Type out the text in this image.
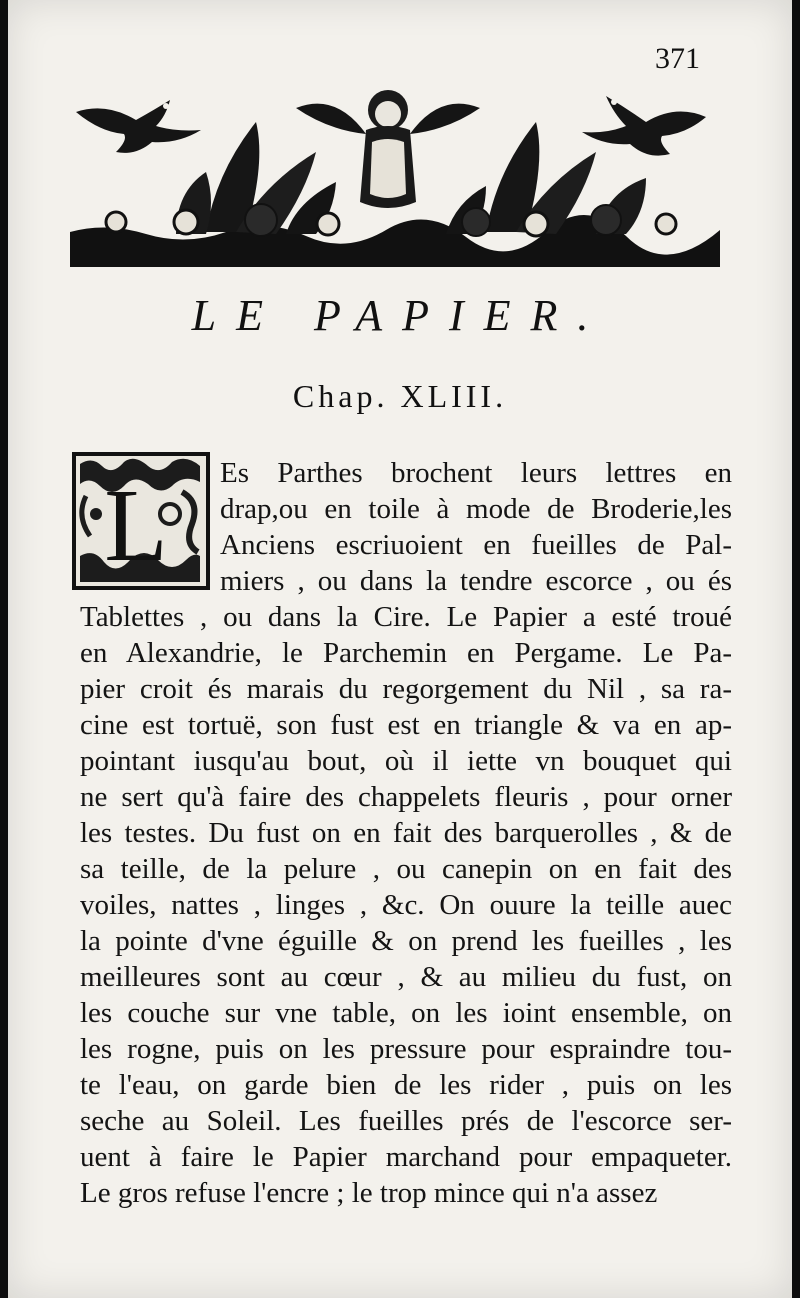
371
LE PAPIER.
Chap. XLIII.
L Es Parthes brochent leurs lettres en
drap,ou en toile à mode de Broderie,les
Anciens escriuoient en fueilles de Pal-
miers , ou dans la tendre escorce , ou és
Tablettes , ou dans la Cire. Le Papier a esté troué
en Alexandrie, le Parchemin en Pergame. Le Pa-
pier croit és marais du regorgement du Nil , sa ra-
cine est tortuë, son fust est en triangle & va en ap-
pointant iusqu'au bout, où il iette vn bouquet qui
ne sert qu'à faire des chappelets fleuris , pour orner
les testes. Du fust on en fait des barquerolles , & de
sa teille, de la pelure , ou canepin on en fait des
voiles, nattes , linges , &c. On ouure la teille auec
la pointe d'vne éguille & on prend les fueilles , les
meilleures sont au cœur , & au milieu du fust, on
les couche sur vne table, on les ioint ensemble, on
les rogne, puis on les pressure pour espraindre tou-
te l'eau, on garde bien de les rider , puis on les
seche au Soleil. Les fueilles prés de l'escorce ser-
uent à faire le Papier marchand pour empaqueter.
Le gros refuse l'encre ; le trop mince qui n'a assez
